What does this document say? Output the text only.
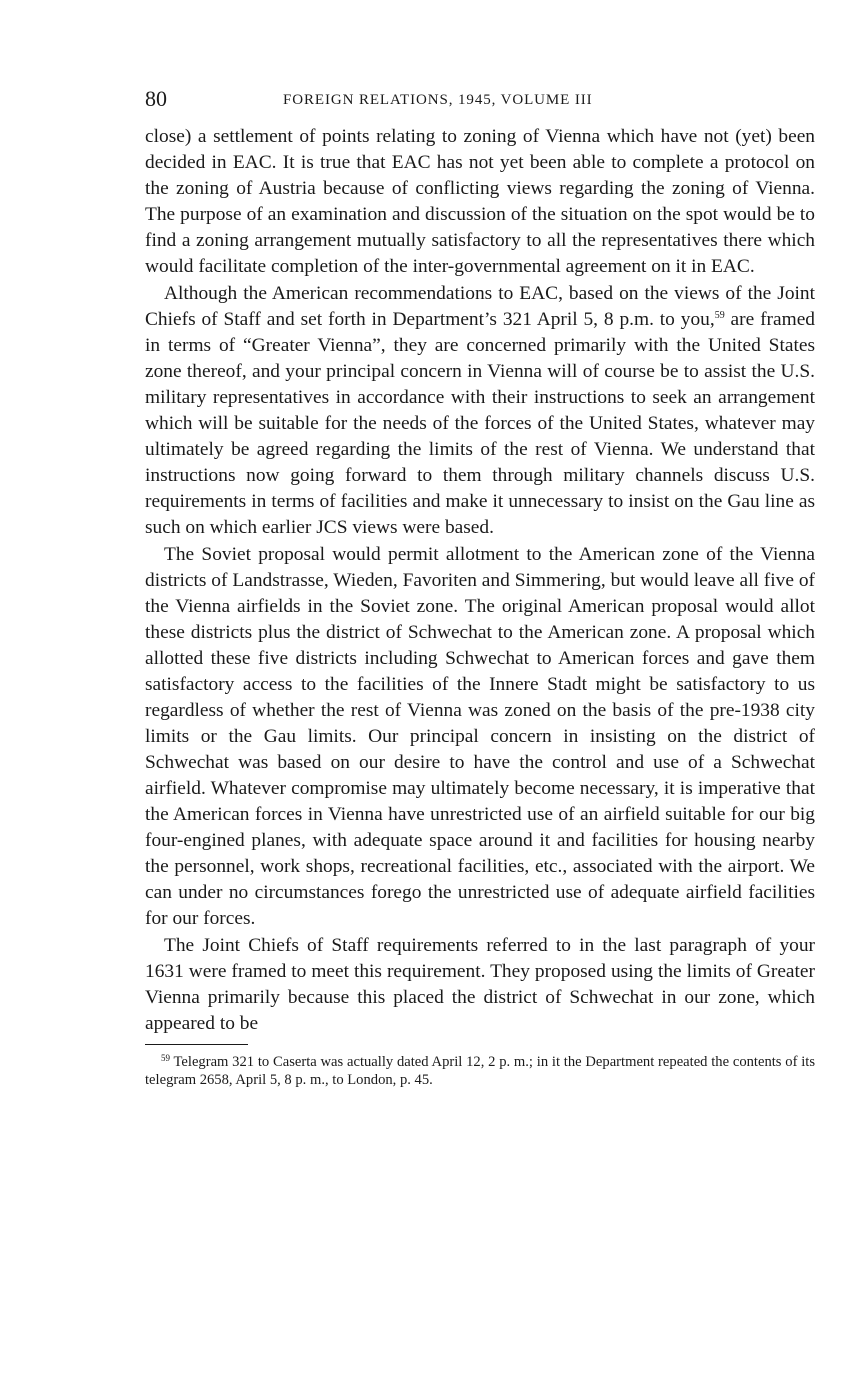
80	FOREIGN RELATIONS, 1945, VOLUME III

close) a settlement of points relating to zoning of Vienna which have not (yet) been decided in EAC. It is true that EAC has not yet been able to complete a protocol on the zoning of Austria because of conflicting views regarding the zoning of Vienna. The purpose of an examination and discussion of the situation on the spot would be to find a zoning arrangement mutually satisfactory to all the representatives there which would facilitate completion of the inter-governmental agreement on it in EAC.

Although the American recommendations to EAC, based on the views of the Joint Chiefs of Staff and set forth in Department’s 321 April 5, 8 p.m. to you,$^{59}$ are framed in terms of “Greater Vienna”, they are concerned primarily with the United States zone thereof, and your principal concern in Vienna will of course be to assist the U.S. military representatives in accordance with their instructions to seek an arrangement which will be suitable for the needs of the forces of the United States, whatever may ultimately be agreed regarding the limits of the rest of Vienna. We understand that instructions now going forward to them through military channels discuss U.S. requirements in terms of facilities and make it unnecessary to insist on the Gau line as such on which earlier JCS views were based.

The Soviet proposal would permit allotment to the American zone of the Vienna districts of Landstrasse, Wieden, Favoriten and Simmering, but would leave all five of the Vienna airfields in the Soviet zone. The original American proposal would allot these districts plus the district of Schwechat to the American zone. A proposal which allotted these five districts including Schwechat to American forces and gave them satisfactory access to the facilities of the Innere Stadt might be satisfactory to us regardless of whether the rest of Vienna was zoned on the basis of the pre-1938 city limits or the Gau limits. Our principal concern in insisting on the district of Schwechat was based on our desire to have the control and use of a Schwechat airfield. Whatever compromise may ultimately become necessary, it is imperative that the American forces in Vienna have unrestricted use of an airfield suitable for our big four-engined planes, with adequate space around it and facilities for housing nearby the personnel, work shops, recreational facilities, etc., associated with the airport. We can under no circumstances forego the unrestricted use of adequate airfield facilities for our forces.

The Joint Chiefs of Staff requirements referred to in the last paragraph of your 1631 were framed to meet this requirement. They proposed using the limits of Greater Vienna primarily because this placed the district of Schwechat in our zone, which appeared to be

$^{59}$ Telegram 321 to Caserta was actually dated April 12, 2 p. m.; in it the Department repeated the contents of its telegram 2658, April 5, 8 p. m., to London, p. 45.
